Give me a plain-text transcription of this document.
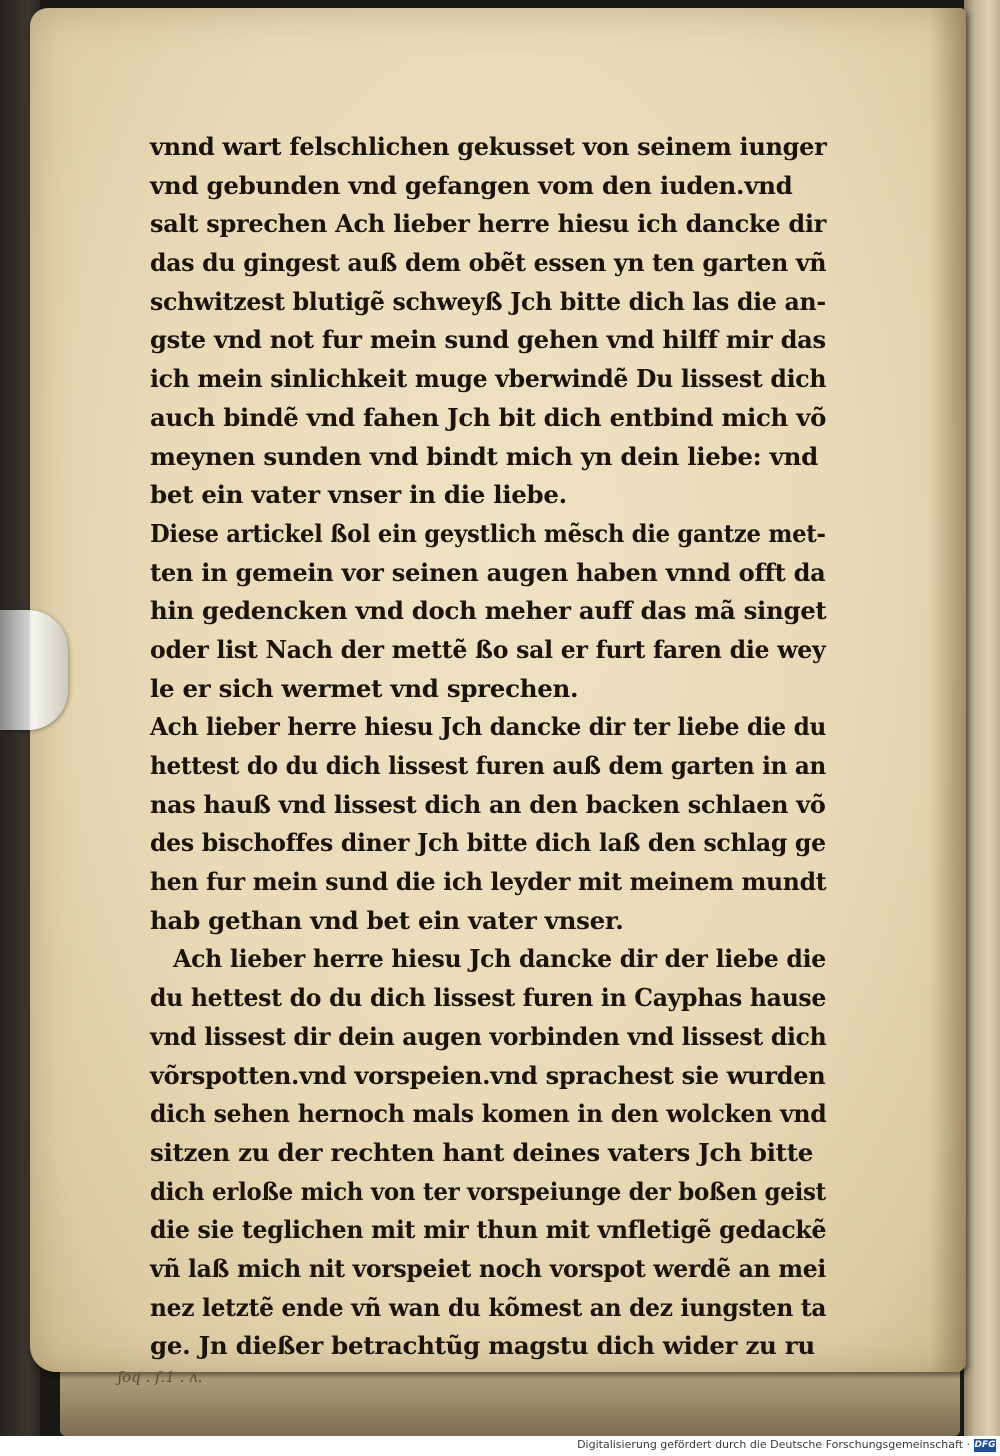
vnnd wart felschlichen gekusset von seinem iunger
vnd gebunden vnd gefangen vom den iuden.vnd
salt sprechen Ach lieber herre hiesu ich dancke dir
das du gingest auß dem obẽt essen yn ten garten vñ
schwitzest blutigẽ schweyß Jch bitte dich las die an-
gste vnd not fur mein sund gehen vnd hilff mir das
ich mein sinlichkeit muge vberwindẽ Du lissest dich
auch bindẽ vnd fahen Jch bit dich entbind mich võ
meynen sunden vnd bindt mich yn dein liebe: vnd
bet ein vater vnser in die liebe.
Diese artickel ßol ein geystlich mẽsch die gantze met-
ten in gemein vor seinen augen haben vnnd offt da
hin gedencken vnd doch meher auff das mã singet
oder list Nach der mettẽ ßo sal er furt faren die wey
le er sich wermet vnd sprechen.
Ach lieber herre hiesu Jch dancke dir ter liebe die du
hettest do du dich lissest furen auß dem garten in an
nas hauß vnd lissest dich an den backen schlaen võ
des bischoffes diner Jch bitte dich laß den schlag ge
hen fur mein sund die ich leyder mit meinem mundt
hab gethan vnd bet ein vater vnser.
Ach lieber herre hiesu Jch dancke dir der liebe die
du hettest do du dich lissest furen in Cayphas hause
vnd lissest dir dein augen vorbinden vnd lissest dich
võrspotten.vnd vorspeien.vnd sprachest sie wurden
dich sehen hernoch mals komen in den wolcken vnd
sitzen zu der rechten hant deines vaters Jch bitte
dich erloße mich von ter vorspeiunge der boßen geist
die sie teglichen mit mir thun mit vnfletigẽ gedackẽ
vñ laß mich nit vorspeiet noch vorspot werdẽ an mei
nez letztẽ ende vñ wan du kõmest an dez iungsten ta
ge. Jn dießer betrachtũg magstu dich wider zu ru
ʃoq . ſ.1 . ʌ.
Digitalisierung gefördert durch die Deutsche Forschungsgemeinschaft · DFG
